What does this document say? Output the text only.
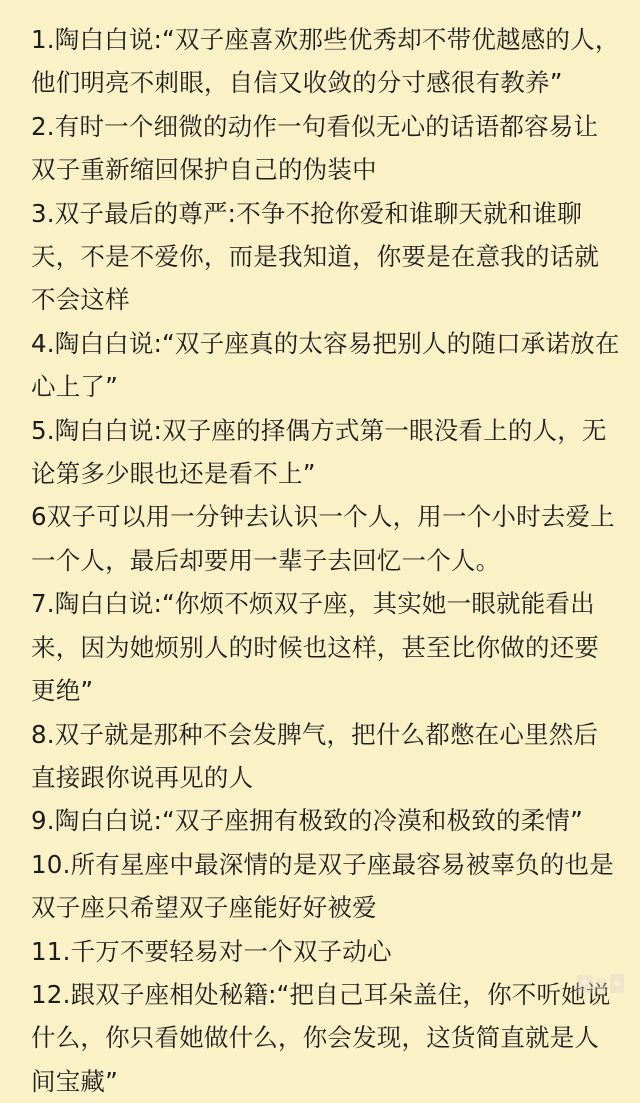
1.陶白白说:“双子座喜欢那些优秀却不带优越感的人，他们明亮不刺眼，自信又收敛的分寸感很有教养”
2.有时一个细微的动作一句看似无心的话语都容易让双子重新缩回保护自己的伪装中
3.双子最后的尊严:不争不抢你爱和谁聊天就和谁聊天，不是不爱你，而是我知道，你要是在意我的话就不会这样
4.陶白白说:“双子座真的太容易把别人的随口承诺放在心上了”
5.陶白白说:双子座的择偶方式第一眼没看上的人，无论第多少眼也还是看不上”
6双子可以用一分钟去认识一个人，用一个小时去爱上一个人，最后却要用一辈子去回忆一个人。
7.陶白白说:“你烦不烦双子座，其实她一眼就能看出来，因为她烦别人的时候也这样，甚至比你做的还要更绝”
8.双子就是那种不会发脾气，把什么都憋在心里然后直接跟你说再见的人
9.陶白白说:“双子座拥有极致的冷漠和极致的柔情”
10.所有星座中最深情的是双子座最容易被辜负的也是双子座只希望双子座能好好被爱
11.千万不要轻易对一个双子动心
12.跟双子座相处秘籍:“把自己耳朵盖住，你不听她说什么，你只看她做什么，你会发现，这货简直就是人间宝藏”
